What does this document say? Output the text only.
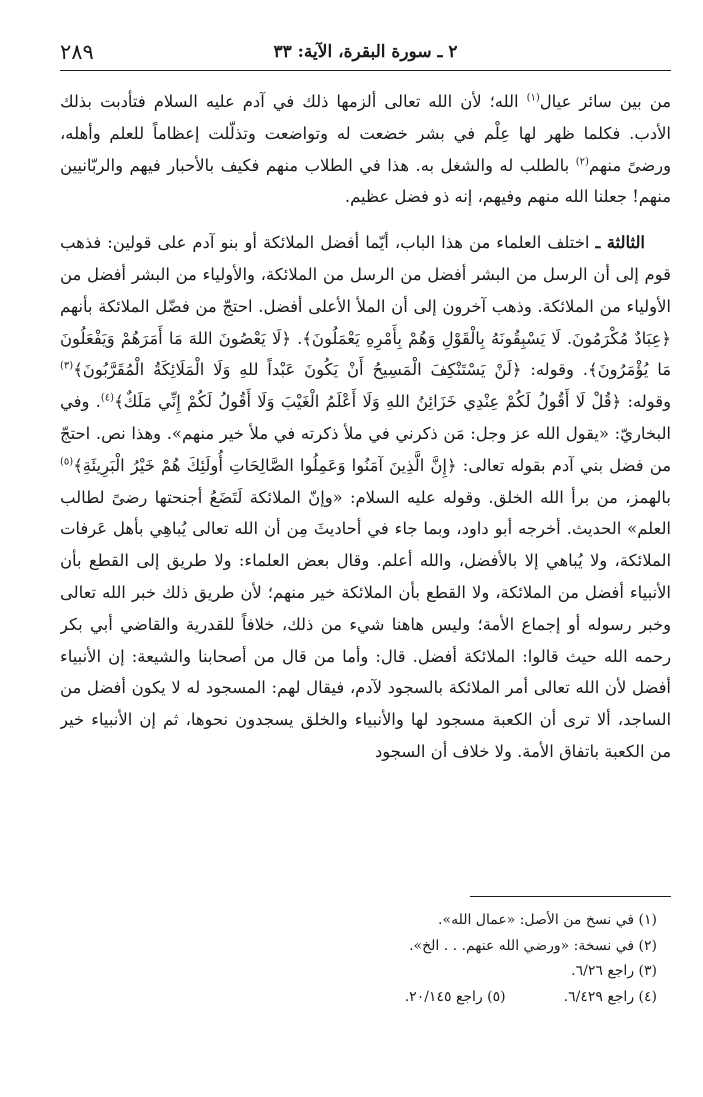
٢٨٩	٢ ـ سورة البقرة، الآية: ٣٣

من بين سائر عيال$^{(١)}$ الله؛ لأن الله تعالى ألزمها ذلك في آدم عليه السلام فتأدبت بذلك الأدب. فكلما ظهر لها عِلْم في بشر خضعت له وتواضعت وتذلّلت إعظاماً للعلم وأهله، ورضىً منهم$^{(٢)}$ بالطلب له والشغل به. هذا في الطلاب منهم فكيف بالأحبار فيهم والربّانيين منهم! جعلنا الله منهم وفيهم، إنه ذو فضل عظيم.

الثالثة ـ اختلف العلماء من هذا الباب، أيّما أفضل الملائكة أو بنو آدم على قولين: فذهب قوم إلى أن الرسل من البشر أفضل من الرسل من الملائكة، والأولياء من البشر أفضل من الأولياء من الملائكة. وذهب آخرون إلى أن الملأ الأعلى أفضل. احتجّ من فضّل الملائكة بأنهم ﴿عِبَادٌ مُكْرَمُونَ. لَا يَسْبِقُونَهُ بِالْقَوْلِ وَهُمْ بِأَمْرِهِ يَعْمَلُونَ﴾. ﴿لَا يَعْصُونَ اللهَ مَا أَمَرَهُمْ وَيَفْعَلُونَ مَا يُؤْمَرُونَ﴾. وقوله: ﴿لَنْ يَسْتَنْكِفَ الْمَسِيحُ أَنْ يَكُونَ عَبْداً للهِ وَلَا الْمَلَائِكَةُ الْمُقَرَّبُونَ﴾$^{(٣)}$ وقوله: ﴿قُلْ لَا أَقُولُ لَكُمْ عِنْدِي خَزَائِنُ اللهِ وَلَا أَعْلَمُ الْغَيْبَ وَلَا أَقُولُ لَكُمْ إِنِّي مَلَكٌ﴾$^{(٤)}$. وفي البخاريّ: «يقول الله عز وجل: مَن ذكرني في ملأ ذكرته في ملأ خير منهم». وهذا نص. احتجّ من فضل بني آدم بقوله تعالى: ﴿إِنَّ الَّذِينَ آمَنُوا وَعَمِلُوا الصَّالِحَاتِ أُولَئِكَ هُمْ خَيْرُ الْبَرِيئَةِ﴾$^{(٥)}$ بالهمز، من برأ الله الخلق. وقوله عليه السلام: «وإنّ الملائكة لَتَضَعُ أجنحتها رضىً لطالب العلم» الحديث. أخرجه أبو داود، وبما جاء في أحاديثَ مِن أن الله تعالى يُباهِي بأهل عَرفات الملائكة، ولا يُباهي إلا بالأفضل، والله أعلم. وقال بعض العلماء: ولا طريق إلى القطع بأن الأنبياء أفضل من الملائكة، ولا القطع بأن الملائكة خير منهم؛ لأن طريق ذلك خبر الله تعالى وخبر رسوله أو إجماع الأمة؛ وليس هاهنا شيء من ذلك، خلافاً للقدرية والقاضي أبي بكر رحمه الله حيث قالوا: الملائكة أفضل. قال: وأما من قال من أصحابنا والشيعة: إن الأنبياء أفضل لأن الله تعالى أمر الملائكة بالسجود لآدم، فيقال لهم: المسجود له لا يكون أفضل من الساجد، ألا ترى أن الكعبة مسجود لها والأنبياء والخلق يسجدون نحوها، ثم إن الأنبياء خير من الكعبة باتفاق الأمة. ولا خلاف أن السجود

(١) في نسخ من الأصل: «عمال الله».

(٢) في نسخة: «ورضي الله عنهم. . . الخ».

(٣) راجع ٦/٢٦.

(٤) راجع ٦/٤٢٩.
(٥) راجع ٢٠/١٤٥.
